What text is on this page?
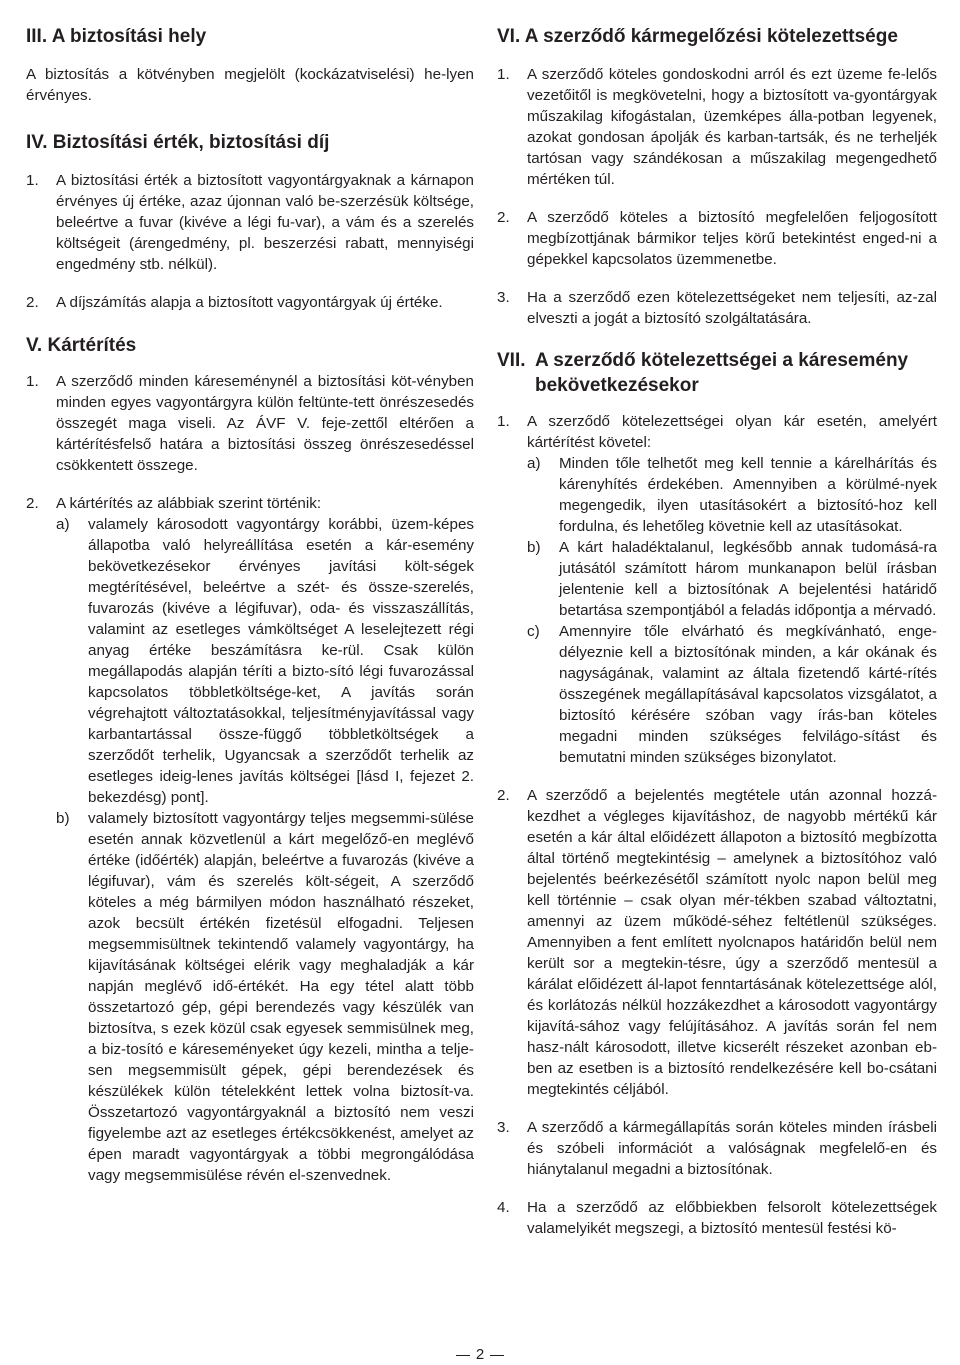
III. A biztosítási hely

A biztosítás a kötvényben megjelölt (kockázatviselési) he-lyen érvényes.

IV. Biztosítási érték, biztosítási díj
1.	A biztosítási érték a biztosított vagyontárgyaknak a kárnapon érvényes új értéke, azaz újonnan való be-szerzésük költsége, beleértve a fuvar (kivéve a légi fu-var), a vám és a szerelés költségeit (árengedmény, pl. beszerzési rabatt, mennyiségi engedmény stb. nélkül).

2.	A díjszámítás alapja a biztosított vagyontárgyak új értéke.

V. Kártérítés
1.	A szerződő minden káreseménynél a biztosítási köt-vényben minden egyes vagyontárgyra külön feltünte-tett önrészesedés összegét maga viseli. Az ÁVF V. feje-zettől eltérően a kártérítésfelső határa a biztosítási összeg önrészesedéssel csökkentett összege.

2.	A kártérítés az alábbiak szerint történik:

a)	valamely károsodott vagyontárgy korábbi, üzem-képes állapotba való helyreállítása esetén a kár-esemény bekövetkezésekor érvényes javítási költ-ségek megtérítésével, beleértve a szét- és össze-szerelés, fuvarozás (kivéve a légifuvar), oda- és visszaszállítás, valamint az esetleges vámköltséget A leselejtezett régi anyag értéke beszámításra ke-rül. Csak külön megállapodás alapján téríti a bizto-sító légi fuvarozással kapcsolatos többletköltsége-ket, A javítás során végrehajtott változtatásokkal, teljesítményjavítással vagy karbantartással össze-függő többletköltségek a szerződőt terhelik, Ugyancsak a szerződőt terhelik az esetleges ideig-lenes javítás költségei [lásd I, fejezet 2. bekezdésg) pont].

b)	valamely biztosított vagyontárgy teljes megsemmi-sülése esetén annak közvetlenül a kárt megelőző-en meglévő értéke (időérték) alapján, beleértve a fuvarozás (kivéve a légifuvar), vám és szerelés költ-ségeit, A szerződő köteles a még bármilyen módon használható részeket, azok becsült értékén fizetésül elfogadni. Teljesen megsemmisültnek tekintendő valamely vagyontárgy, ha kijavításának költségei elérik vagy meghaladják a kár napján meglévő idő-értékét. Ha egy tétel alatt több összetartozó gép, gépi berendezés vagy készülék van biztosítva, s ezek közül csak egyesek semmisülnek meg, a biz-tosító e káreseményeket úgy kezeli, mintha a telje-sen megsemmisült gépek, gépi berendezések és készülékek külön tételekként lettek volna biztosít-va. Összetartozó vagyontárgyaknál a biztosító nem veszi figyelembe azt az esetleges értékcsökkenést, amelyet az épen maradt vagyontárgyak a többi megrongálódása vagy megsemmisülése révén el-szenvednek.

VI. A szerződő kármegelőzési kötelezettsége
1.	A szerződő köteles gondoskodni arról és ezt üzeme fe-lelős vezetőitől is megkövetelni, hogy a biztosított va-gyontárgyak műszakilag kifogástalan, üzemképes álla-potban legyenek, azokat gondosan ápolják és karban-tartsák, és ne terheljék tartósan vagy szándékosan a műszakilag megengedhető mértéken túl.

2.	A szerződő köteles a biztosító megfelelően feljogosított megbízottjának bármikor teljes körű betekintést enged-ni a gépekkel kapcsolatos üzemmenetbe.

3.	Ha a szerződő ezen kötelezettségeket nem teljesíti, az-zal elveszti a jogát a biztosító szolgáltatására.

VII. A szerződő kötelezettségei a káresemény bekövetkezésekor
1.	A szerződő kötelezettségei olyan kár esetén, amelyért kártérítést követel:

a)	Minden tőle telhetőt meg kell tennie a kárelhárítás és kárenyhítés érdekében. Amennyiben a körülmé-nyek megengedik, ilyen utasításokért a biztosító-hoz kell fordulna, és lehetőleg követnie kell az utasításokat.

b)	A kárt haladéktalanul, legkésőbb annak tudomásá-ra jutásától számított három munkanapon belül írásban jelentenie kell a biztosítónak A bejelentési határidő betartása szempontjából a feladás időpontja a mérvadó.

c)	Amennyire tőle elvárható és megkívánható, enge-délyeznie kell a biztosítónak minden, a kár okának és nagyságának, valamint az általa fizetendő kárté-rítés összegének megállapításával kapcsolatos vizsgálatot, a biztosító kérésére szóban vagy írás-ban köteles megadni minden szükséges felvilágo-sítást és bemutatni minden szükséges bizonylatot.

2.	A szerződő a bejelentés megtétele után azonnal hozzá-kezdhet a végleges kijavításhoz, de nagyobb mértékű kár esetén a kár által előidézett állapoton a biztosító megbízotta által történő megtekintésig – amelynek a biztosítóhoz való bejelentés beérkezésétől számított nyolc napon belül meg kell történnie – csak olyan mér-tékben szabad változtatni, amennyi az üzem működé-séhez feltétlenül szükséges. Amennyiben a fent említett nyolcnapos határidőn belül nem került sor a megtekin-tésre, úgy a szerződő mentesül a kárálat előidézett ál-lapot fenntartásának kötelezettsége alól, és korlátozás nélkül hozzákezdhet a károsodott vagyontárgy kijavítá-sához vagy felújításához. A javítás során fel nem hasz-nált károsodott, illetve kicserélt részeket azonban eb-ben az esetben is a biztosító rendelkezésére kell bo-csátani megtekintés céljából.

3.	A szerződő a kármegállapítás során köteles minden írásbeli és szóbeli információt a valóságnak megfelelő-en és hiánytalanul megadni a biztosítónak.

4.	Ha a szerződő az előbbiekben felsorolt kötelezettségek valamelyikét megszegi, a biztosító mentesül festési kö-

2
